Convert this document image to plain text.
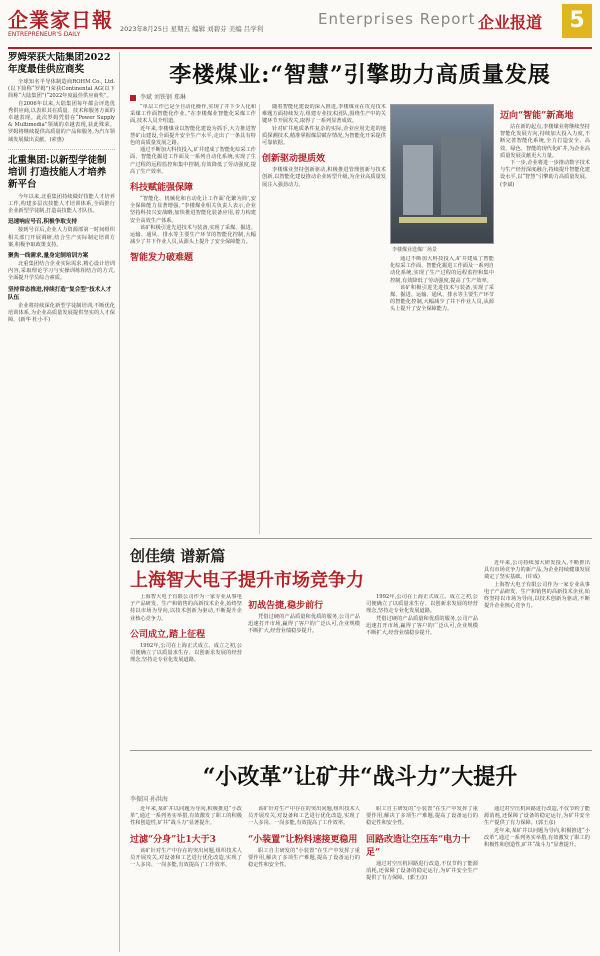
企業家日報
ENTREPRENEUR'S DAILY
2023年8月25日 星期五 编辑 刘碧芬 美编 吕学利
Enterprises Report 企业报道	5
罗姆荣获大陆集团2022年度最佳供应商奖

全球知名半导体制造商ROHM Co., Ltd.(以下简称“罗姆”)荣获Continental AG(以下简称“大陆集团”)“2022年度最佳供应商奖”。

自2006年以来,大陆集团每年都会评选优秀供应商,以表彰其在质量、技术和服务方面的卓越表现。此次罗姆凭借在“Power Supply & Multimedia”领域的卓越表现,获此殊荣。罗姆将继续提供高质量的产品和服务,为汽车领域发展做出贡献。(索惠)

北重集团:以新型学徒制培训 打造技能人才培养新平台

今年以来,北重集团持续做好技能人才培养工作,构建多层次技能人才培训体系,全面推行企业新型学徒制,打造高技能人才队伍。

迅速响应号召,积极争取支持

接到号召后,企业人力资源部第一时间组织相关部门开展调研,结合生产实际制定培训方案,积极争取政策支持。

聚焦一线需求,量身定制培训方案

北重集团结合企业实际需求,精心设计培训内容,采取理论学习与实操训练相结合的方式,全面提升学员综合素质。

坚持常态推进,持续打造“复合型”技术人才队伍

企业将持续深化新型学徒制培训,不断优化培训体系,为企业高质量发展提供坚实的人才保障。(新华 杜小平)

李楼煤业:“智慧”引擎助力高质量发展
李斌 刘铁钢 郑琳

“单层工作已是全自动化操作,实现了井下少人化和采煤工作面智能化作业。”在李楼煤业智能化采煤工作面,技术人员介绍道。

近年来,李楼煤业以智能化建设为抓手,大力推进智慧矿山建设,全面提升安全生产水平,走出了一条具有特色的高质量发展之路。

通过不断加大科技投入,矿井建成了智能化综采工作面、智能化掘进工作面及一系列自动化系统,实现了生产过程的远程监控和集中控制,有效降低了劳动强度,提高了生产效率。

科技赋能强保障

“智能化、机械化和自动化让工作面‘化繁为简’,安全保障能力显著增强。”李楼煤业相关负责人表示,企业坚持科技兴安战略,加快推进智能化装备应用,着力构建安全高效生产体系。

该矿积极引进先进技术与装备,实现了采煤、掘进、运输、通风、排水等主要生产环节的智能化控制,大幅减少了井下作业人员,从源头上提升了安全保障能力。

智能发力破难题

随着智能化建设的深入推进,李楼煤业在攻克技术难题方面持续发力,组建专业技术团队,围绕生产中的关键环节开展攻关,取得了一系列显著成效。

针对矿井地质条件复杂的实际,企业应用先进的地质探测技术,精准掌握煤层赋存情况,为智能化开采提供可靠依据。

创新驱动提质效

李楼煤业坚持创新驱动,积极推进管理创新与技术创新,以智能化建设推动企业转型升级,为企业高质量发展注入强劲动力。

李楼煤业选煤厂场景
迈向“智能”新高地

站在新的起点,李楼煤业将继续坚持智能化发展方向,持续加大投入力度,不断完善智能化系统,全力打造安全、高效、绿色、智能的现代化矿井,为企业高质量发展贡献更大力量。

下一步,企业将进一步推动数字技术与生产经营深度融合,持续提升智能化建设水平,以“智慧”引擎助力高质量发展。(李斌)

通过不断加大科技投入,矿井建成了智能化综采工作面、智能化掘进工作面及一系列自动化系统,实现了生产过程的远程监控和集中控制,有效降低了劳动强度,提高了生产效率。

该矿积极引进先进技术与装备,实现了采煤、掘进、运输、通风、排水等主要生产环节的智能化控制,大幅减少了井下作业人员,从源头上提升了安全保障能力。

创佳绩 谱新篇
上海智大电子提升市场竞争力

上海智大电子有限公司作为一家专业从事电子产品研发、生产和销售的高新技术企业,始终坚持以市场为导向,以技术创新为驱动,不断提升企业核心竞争力。

公司成立,踏上征程

1992年,公司在上海正式成立。成立之初,公司便确立了以质量求生存、以创新求发展的经营理念,坚持走专业化发展道路。

初战告捷,稳步前行

凭借过硬的产品质量和优质的服务,公司产品迅速打开市场,赢得了客户的广泛认可,企业规模不断扩大,经营业绩稳步提升。

1992年,公司在上海正式成立。成立之初,公司便确立了以质量求生存、以创新求发展的经营理念,坚持走专业化发展道路。

凭借过硬的产品质量和优质的服务,公司产品迅速打开市场,赢得了客户的广泛认可,企业规模不断扩大,经营业绩稳步提升。

近年来,公司持续加大研发投入,不断推出具有市场竞争力的新产品,为企业持续健康发展奠定了坚实基础。(许成)

上海智大电子有限公司作为一家专业从事电子产品研发、生产和销售的高新技术企业,始终坚持以市场为导向,以技术创新为驱动,不断提升企业核心竞争力。

“小改革”让矿井“战斗力”大提升
李振国 孙洪海

近年来,某矿井以问题为导向,积极推进“小改革”,通过一系列务实举措,有效激发了职工的积极性和创造性,矿井“战斗力”显著提升。

过滤“分身”让1大于3

该矿针对生产中存在的突出问题,组织技术人员开展攻关,对设备和工艺进行优化改造,实现了一人多岗、一岗多能,有效提高了工作效率。

该矿针对生产中存在的突出问题,组织技术人员开展攻关,对设备和工艺进行优化改造,实现了一人多岗、一岗多能,有效提高了工作效率。

“小装置”让粉料速接更稳用

职工自主研发的“小装置”在生产中发挥了重要作用,解决了多项生产难题,提高了设备运行的稳定性和安全性。

职工自主研发的“小装置”在生产中发挥了重要作用,解决了多项生产难题,提高了设备运行的稳定性和安全性。

回路改造让空压车“电力十足”

通过对空压机回路进行改造,不仅节约了能源消耗,还保障了设备的稳定运行,为矿井安全生产提供了有力保障。(郭王彦)

通过对空压机回路进行改造,不仅节约了能源消耗,还保障了设备的稳定运行,为矿井安全生产提供了有力保障。(郭王彦)

近年来,某矿井以问题为导向,积极推进“小改革”,通过一系列务实举措,有效激发了职工的积极性和创造性,矿井“战斗力”显著提升。
